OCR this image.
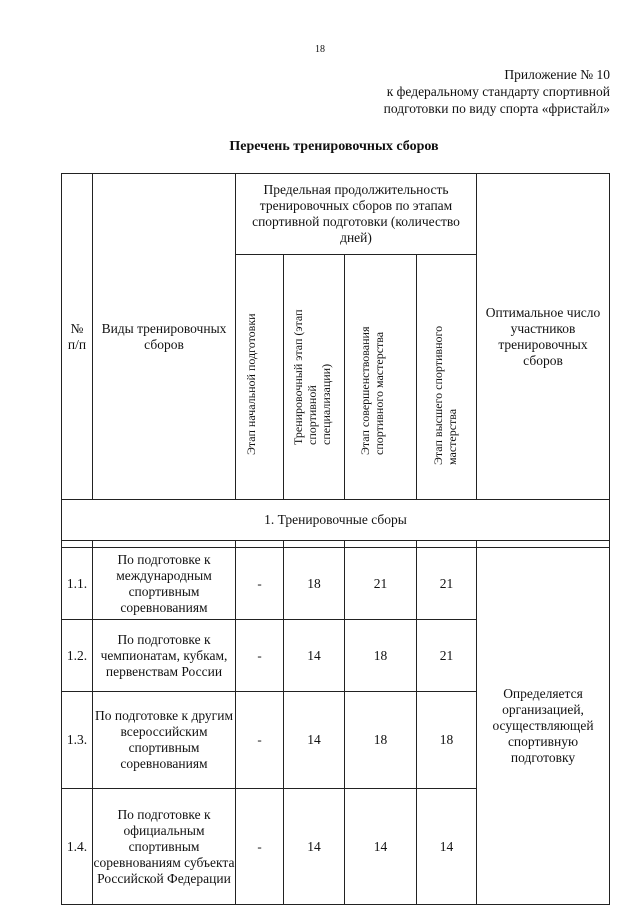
18
Приложение № 10
к федеральному стандарту спортивной
подготовки по виду спорта «фристайл»
Перечень тренировочных сборов
№ п/п	Виды тренировочных сборов	Предельная продолжительность тренировочных сборов по этапам спортивной подготовки (количество дней)				Оптимальное число участников тренировочных сборов
		Этап начальной подготовки	Тренировочный этап (этап спортивной специализации)	Этап совершенствования спортивного мастерства	Этап высшего спортивного мастерства	
1. Тренировочные сборы						

1.1.	По подготовке к международным спортивным соревнованиям	-	18	21	21	Определяется организацией, осуществляющей спортивную подготовку
1.2.	По подготовке к чемпионатам, кубкам, первенствам России	-	14	18	21	
1.3.	По подготовке к другим всероссийским спортивным соревнованиям	-	14	18	18	
1.4.	По подготовке к официальным спортивным соревнованиям субъекта Российской Федерации	-	14	14	14	
